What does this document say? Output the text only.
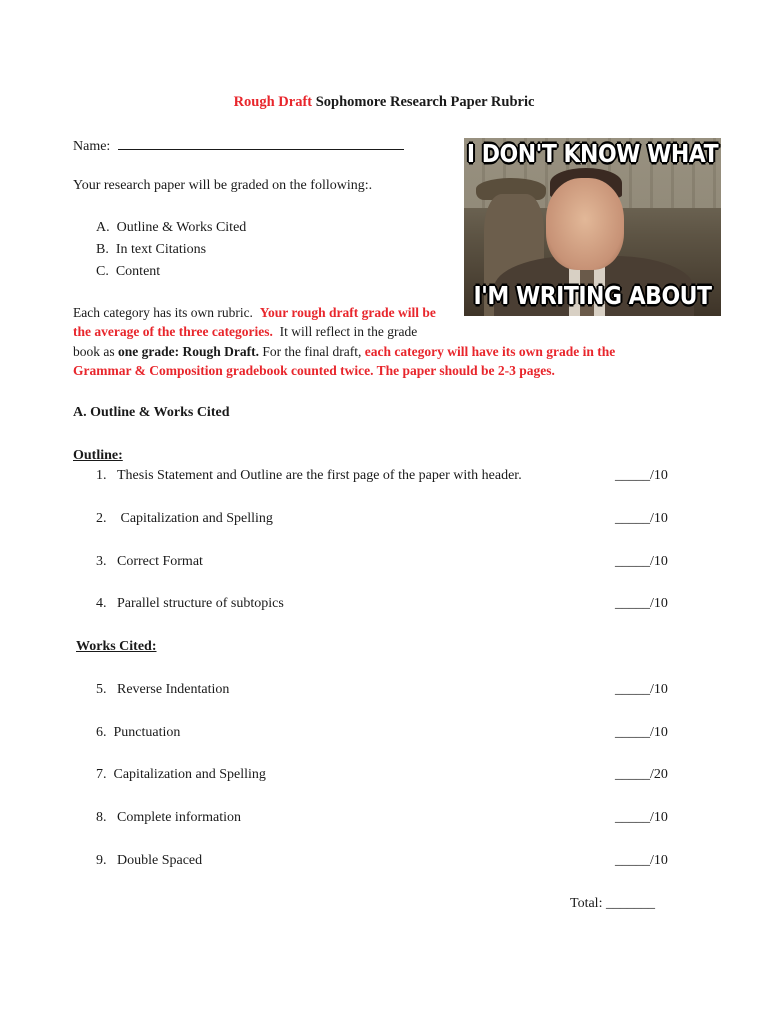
Rough Draft Sophomore Research Paper Rubric
Name:
Your research paper will be graded on the following:.
A. Outline & Works Cited
B. In text Citations
C. Content
I DON'T KNOW WHAT
I'M WRITING ABOUT
Each category has its own rubric. Your rough draft grade will be
the average of the three categories. It will reflect in the grade
book as one grade: Rough Draft. For the final draft, each category will have its own grade in the
Grammar & Composition gradebook counted twice. The paper should be 2-3 pages.
A. Outline & Works Cited
Outline:
1. Thesis Statement and Outline are the first page of the paper with header.	_____/10
2. Capitalization and Spelling	_____/10
3. Correct Format	_____/10
4. Parallel structure of subtopics	_____/10
Works Cited:
5. Reverse Indentation	_____/10
6. Punctuation	_____/10
7. Capitalization and Spelling	_____/20
8. Complete information	_____/10
9. Double Spaced	_____/10
Total: _______
